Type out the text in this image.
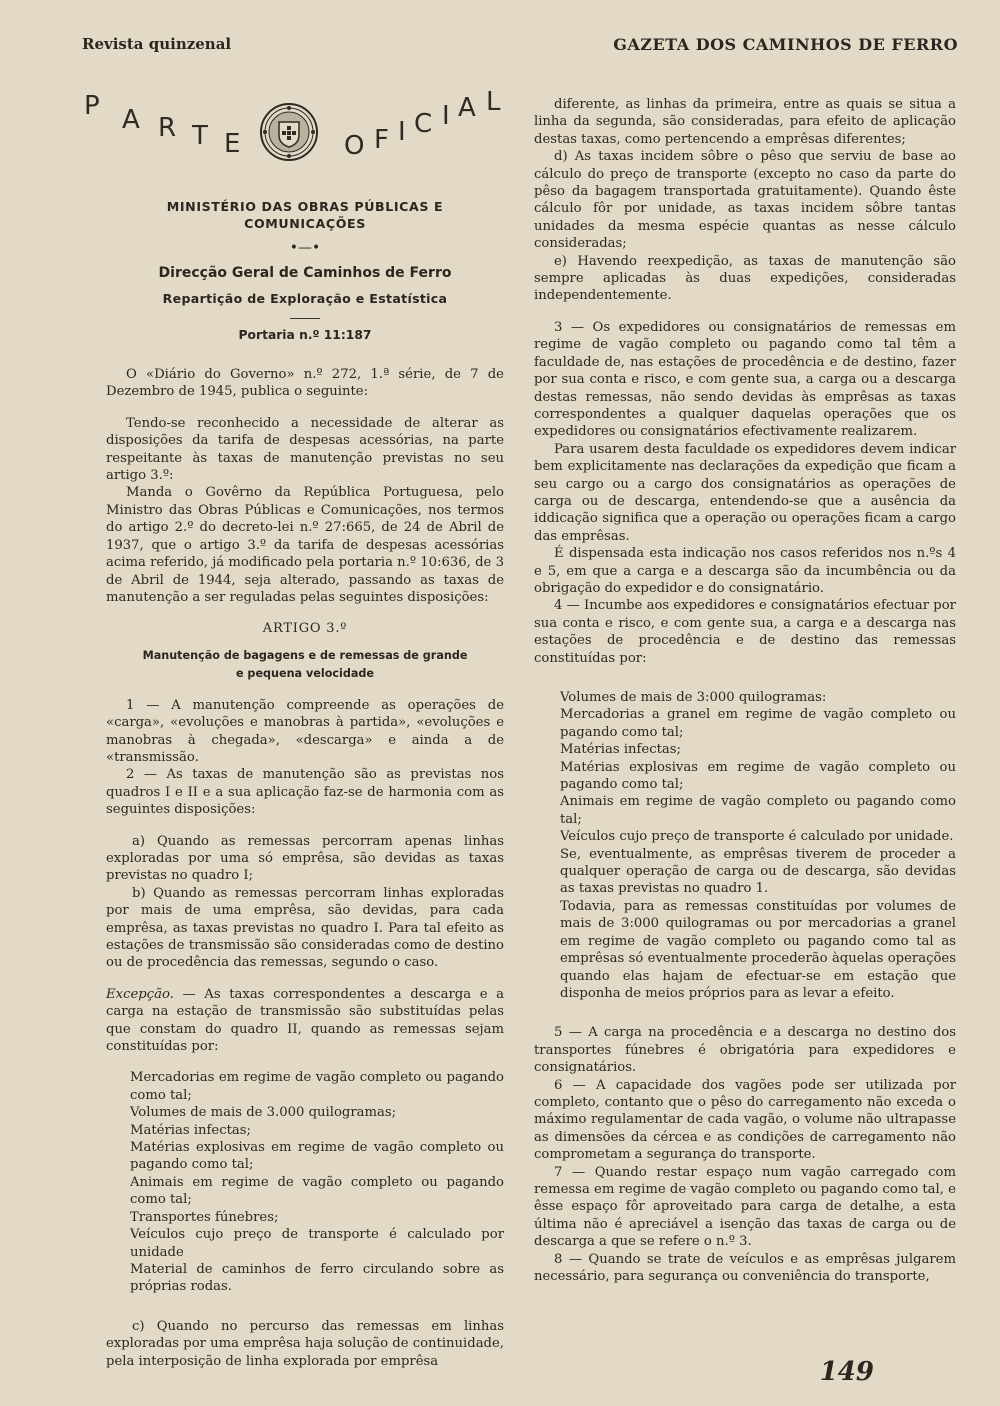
Revista quinzenal	GAZETA DOS CAMINHOS DE FERRO
P A R T E	O F I C I A L
MINISTÉRIO DAS OBRAS PÚBLICAS E COMUNICAÇÕES
•—•
Direcção Geral de Caminhos de Ferro
Repartição de Exploração e Estatística
Portaria n.º 11:187

O «Diário do Governo» n.º 272, 1.ª série, de 7 de Dezembro de 1945, publica o seguinte:

Tendo-se reconhecido a necessidade de alterar as disposições da tarifa de despesas acessórias, na parte respeitante às taxas de manutenção previstas no seu artigo 3.º:

Manda o Govêrno da República Portuguesa, pelo Ministro das Obras Públicas e Comunicações, nos termos do artigo 2.º do decreto-lei n.º 27:665, de 24 de Abril de 1937, que o artigo 3.º da tarifa de despesas acessórias acima referido, já modificado pela portaria n.º 10:636, de 3 de Abril de 1944, seja alterado, passando as taxas de manutenção a ser reguladas pelas seguintes disposições:

ARTIGO 3.º
Manutenção de bagagens e de remessas de grande
e pequena velocidade

1 — A manutenção compreende as operações de «carga», «evoluções e manobras à partida», «evoluções e manobras à chegada», «descarga» e ainda a de «transmissão.

2 — As taxas de manutenção são as previstas nos quadros I e II e a sua aplicação faz-se de harmonia com as seguintes disposições:

a) Quando as remessas percorram apenas linhas exploradas por uma só emprêsa, são devidas as taxas previstas no quadro I;

b) Quando as remessas percorram linhas exploradas por mais de uma emprêsa, são devidas, para cada emprêsa, as taxas previstas no quadro I. Para tal efeito as estações de transmissão são consideradas como de destino ou de procedência das remessas, segundo o caso.

Excepção. — As taxas correspondentes a descarga e a carga na estação de transmissão são substituídas pelas que constam do quadro II, quando as remessas sejam constituídas por:

Mercadorias em regime de vagão completo ou pagando como tal;

Volumes de mais de 3.000 quilogramas;

Matérias infectas;

Matérias explosivas em regime de vagão completo ou pagando como tal;

Animais em regime de vagão completo ou pagando como tal;

Transportes fúnebres;

Veículos cujo preço de transporte é calculado por unidade

Material de caminhos de ferro circulando sobre as próprias rodas.

c) Quando no percurso das remessas em linhas exploradas por uma emprêsa haja solução de continuidade, pela interposição de linha explorada por emprêsa

diferente, as linhas da primeira, entre as quais se situa a linha da segunda, são consideradas, para efeito de aplicação destas taxas, como pertencendo a emprêsas diferentes;

d) As taxas incidem sôbre o pêso que serviu de base ao cálculo do preço de transporte (excepto no caso da parte do pêso da bagagem transportada gratuitamente). Quando êste cálculo fôr por unidade, as taxas incidem sôbre tantas unidades da mesma espécie quantas as nesse cálculo consideradas;

e) Havendo reexpedição, as taxas de manutenção são sempre aplicadas às duas expedições, consideradas independentemente.

3 — Os expedidores ou consignatários de remessas em regime de vagão completo ou pagando como tal têm a faculdade de, nas estações de procedência e de destino, fazer por sua conta e risco, e com gente sua, a carga ou a descarga destas remessas, não sendo devidas às emprêsas as taxas correspondentes a qualquer daquelas operações que os expedidores ou consignatários efectivamente realizarem.

Para usarem desta faculdade os expedidores devem indicar bem explicitamente nas declarações da expedição que ficam a seu cargo ou a cargo dos consignatários as operações de carga ou de descarga, entendendo-se que a ausência da iddicação significa que a operação ou operações ficam a cargo das emprêsas.

É dispensada esta indicação nos casos referidos nos n.ºs 4 e 5, em que a carga e a descarga são da incumbência ou da obrigação do expedidor e do consignatário.

4 — Incumbe aos expedidores e consignatários efectuar por sua conta e risco, e com gente sua, a carga e a descarga nas estações de procedência e de destino das remessas constituídas por:

Volumes de mais de 3:000 quilogramas:

Mercadorias a granel em regime de vagão completo ou pagando como tal;

Matérias infectas;

Matérias explosivas em regime de vagão completo ou pagando como tal;

Animais em regime de vagão completo ou pagando como tal;

Veículos cujo preço de transporte é calculado por unidade.

Se, eventualmente, as emprêsas tiverem de proceder a qualquer operação de carga ou de descarga, são devidas as taxas previstas no quadro 1.

Todavia, para as remessas constituídas por volumes de mais de 3:000 quilogramas ou por mercadorias a granel em regime de vagão completo ou pagando como tal as emprêsas só eventualmente procederão àquelas operações quando elas hajam de efectuar-se em estação que disponha de meios próprios para as levar a efeito.

5 — A carga na procedência e a descarga no destino dos transportes fúnebres é obrigatória para expedidores e consignatários.

6 — A capacidade dos vagões pode ser utilizada por completo, contanto que o pêso do carregamento não exceda o máximo regulamentar de cada vagão, o volume não ultrapasse as dimensões da cércea e as condições de carregamento não comprometam a segurança do transporte.

7 — Quando restar espaço num vagão carregado com remessa em regime de vagão completo ou pagando como tal, e êsse espaço fôr aproveitado para carga de detalhe, a esta última não é apreciável a isenção das taxas de carga ou de descarga a que se refere o n.º 3.

8 — Quando se trate de veículos e as emprêsas julgarem necessário, para segurança ou conveniência do transporte,

149
